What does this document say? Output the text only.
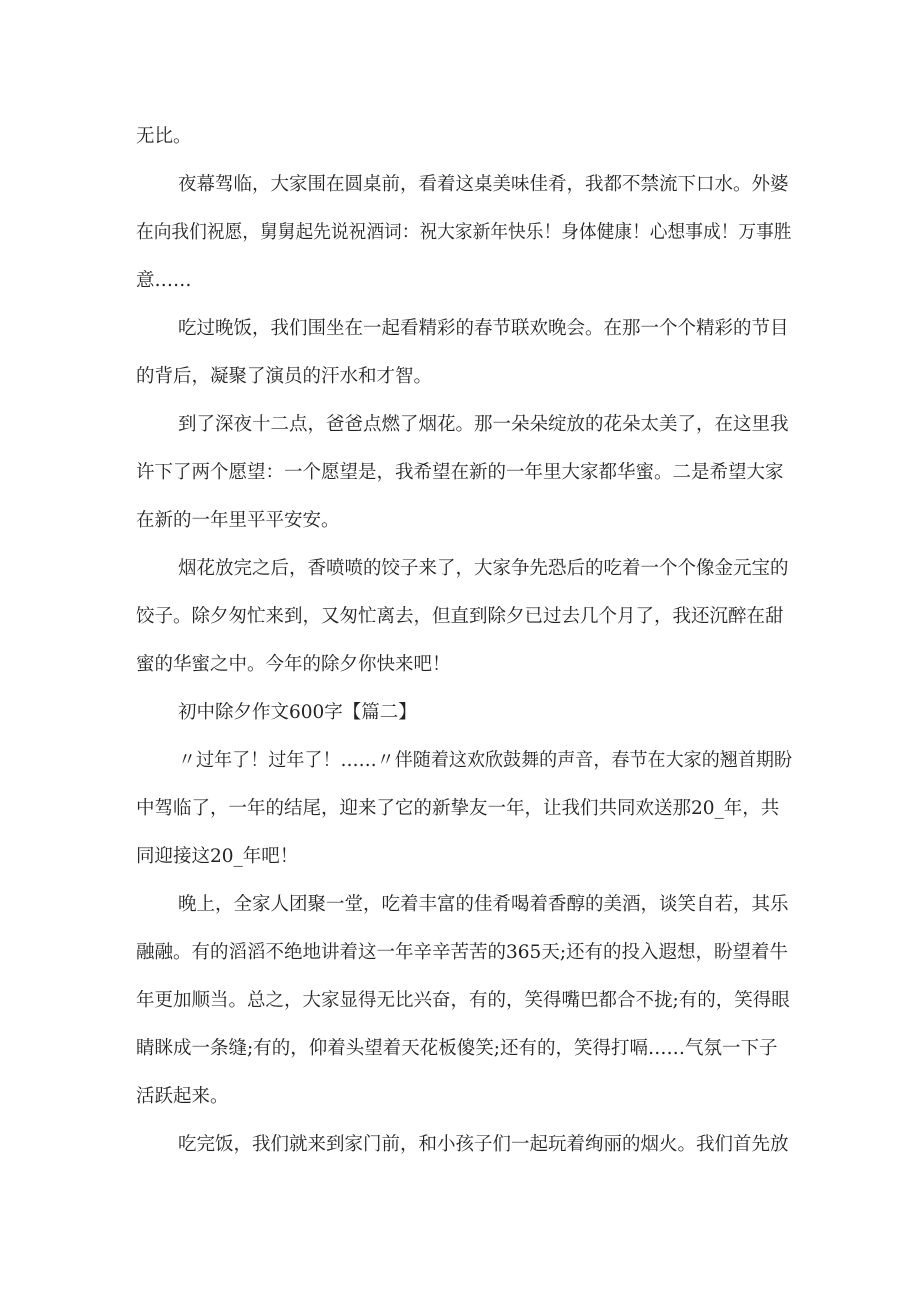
无比。
夜幕驾临，大家围在圆桌前，看着这桌美味佳肴，我都不禁流下口水。外婆
在向我们祝愿，舅舅起先说祝酒词：祝大家新年快乐！身体健康！心想事成！万事胜
意……
吃过晚饭，我们围坐在一起看精彩的春节联欢晚会。在那一个个精彩的节目
的背后，凝聚了演员的汗水和才智。
到了深夜十二点，爸爸点燃了烟花。那一朵朵绽放的花朵太美了，在这里我
许下了两个愿望：一个愿望是，我希望在新的一年里大家都华蜜。二是希望大家
在新的一年里平平安安。
烟花放完之后，香喷喷的饺子来了，大家争先恐后的吃着一个个像金元宝的
饺子。除夕匆忙来到，又匆忙离去，但直到除夕已过去几个月了，我还沉醉在甜
蜜的华蜜之中。今年的除夕你快来吧！
初中除夕作文600字【篇二】
〃过年了！过年了！……〃伴随着这欢欣鼓舞的声音，春节在大家的翘首期盼
中驾临了，一年的结尾，迎来了它的新挚友一年，让我们共同欢送那20_年，共
同迎接这20_年吧！
晚上，全家人团聚一堂，吃着丰富的佳肴喝着香醇的美酒，谈笑自若，其乐
融融。有的滔滔不绝地讲着这一年辛辛苦苦的365天;还有的投入遐想，盼望着牛
年更加顺当。总之，大家显得无比兴奋，有的，笑得嘴巴都合不拢;有的，笑得眼
睛眯成一条缝;有的，仰着头望着天花板傻笑;还有的，笑得打嗝……气氛一下子
活跃起来。
吃完饭，我们就来到家门前，和小孩子们一起玩着绚丽的烟火。我们首先放
